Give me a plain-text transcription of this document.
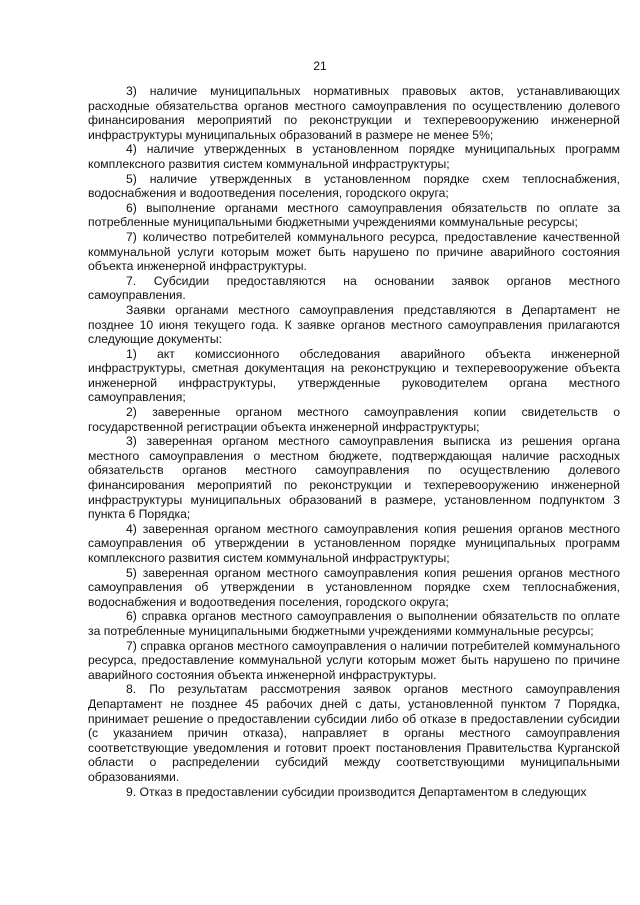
21

3) наличие муниципальных нормативных правовых актов, устанавливающих расходные обязательства органов местного самоуправления по осуществлению долевого финансирования мероприятий по реконструкции и техперевооружению инженерной инфраструктуры муниципальных образований в размере не менее 5%;

4) наличие утвержденных в установленном порядке муниципальных программ комплексного развития систем коммунальной инфраструктуры;

5) наличие утвержденных в установленном порядке схем теплоснабжения, водоснабжения и водоотведения поселения, городского округа;

6) выполнение органами местного самоуправления обязательств по оплате за потребленные муниципальными бюджетными учреждениями коммунальные ресурсы;

7) количество потребителей коммунального ресурса, предоставление качественной коммунальной услуги которым может быть нарушено по причине аварийного состояния объекта инженерной инфраструктуры.

7. Субсидии предоставляются на основании заявок органов местного самоуправления.

Заявки органами местного самоуправления представляются в Департамент не позднее 10 июня текущего года. К заявке органов местного самоуправления прилагаются следующие документы:

1) акт комиссионного обследования аварийного объекта инженерной инфраструктуры, сметная документация на реконструкцию и техперевооружение объекта инженерной инфраструктуры, утвержденные руководителем органа местного самоуправления;

2) заверенные органом местного самоуправления копии свидетельств о государственной регистрации объекта инженерной инфраструктуры;

3) заверенная органом местного самоуправления выписка из решения органа местного самоуправления о местном бюджете, подтверждающая наличие расходных обязательств органов местного самоуправления по осуществлению долевого финансирования мероприятий по реконструкции и техперевооружению инженерной инфраструктуры муниципальных образований в размере, установленном подпунктом 3 пункта 6 Порядка;

4) заверенная органом местного самоуправления копия решения органов местного самоуправления об утверждении в установленном порядке муниципальных программ комплексного развития систем коммунальной инфраструктуры;

5) заверенная органом местного самоуправления копия решения органов местного самоуправления об утверждении в установленном порядке схем теплоснабжения, водоснабжения и водоотведения поселения, городского округа;

6) справка органов местного самоуправления о выполнении обязательств по оплате за потребленные муниципальными бюджетными учреждениями коммунальные ресурсы;

7) справка органов местного самоуправления о наличии потребителей коммунального ресурса, предоставление коммунальной услуги которым может быть нарушено по причине аварийного состояния объекта инженерной инфраструктуры.

8. По результатам рассмотрения заявок органов местного самоуправления Департамент не позднее 45 рабочих дней с даты, установленной пунктом 7 Порядка, принимает решение о предоставлении субсидии либо об отказе в предоставлении субсидии (с указанием причин отказа), направляет в органы местного самоуправления соответствующие уведомления и готовит проект постановления Правительства Курганской области о распределении субсидий между соответствующими муниципальными образованиями.

9. Отказ в предоставлении субсидии производится Департаментом в следующих
